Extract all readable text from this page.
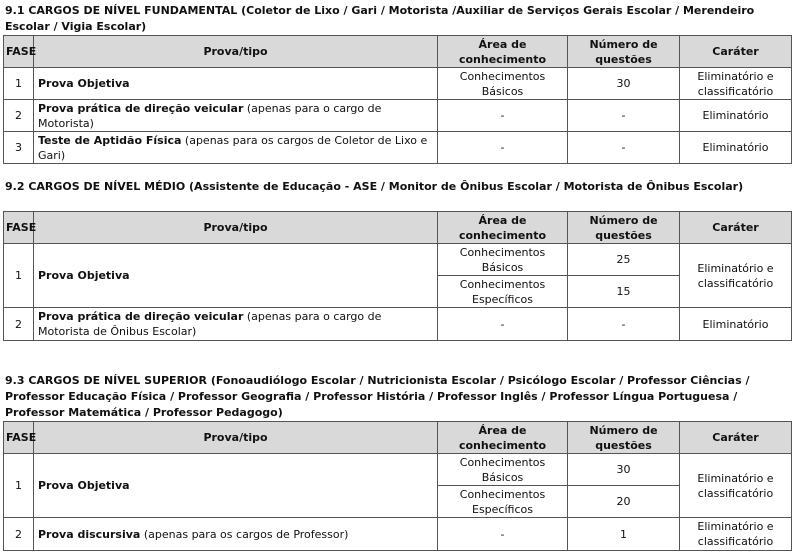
9.1 CARGOS DE NÍVEL FUNDAMENTAL (Coletor de Lixo / Gari / Motorista /Auxiliar de Serviços Gerais Escolar / Merendeiro Escolar / Vigia Escolar)
FASE	Prova/tipo	Área de conhecimento	Número de questões	Caráter
1	Prova Objetiva	Conhecimentos Básicos	30	Eliminatório e classificatório
2	Prova prática de direção veicular (apenas para o cargo de Motorista)	-	-	Eliminatório
3	Teste de Aptidão Física (apenas para os cargos de Coletor de Lixo e Gari)	-	-	Eliminatório
9.2 CARGOS DE NÍVEL MÉDIO (Assistente de Educação - ASE / Monitor de Ônibus Escolar / Motorista de Ônibus Escolar)
FASE	Prova/tipo	Área de conhecimento	Número de questões	Caráter
1	Prova Objetiva	Conhecimentos Básicos	25	Eliminatório e classificatório
		Conhecimentos Específicos	15	
2	Prova prática de direção veicular (apenas para o cargo de Motorista de Ônibus Escolar)	-	-	Eliminatório
9.3 CARGOS DE NÍVEL SUPERIOR (Fonoaudiólogo Escolar / Nutricionista Escolar / Psicólogo Escolar / Professor Ciências / Professor Educação Física / Professor Geografia / Professor História / Professor Inglês / Professor Língua Portuguesa / Professor Matemática / Professor Pedagogo)
FASE	Prova/tipo	Área de conhecimento	Número de questões	Caráter
1	Prova Objetiva	Conhecimentos Básicos	30	Eliminatório e classificatório
		Conhecimentos Específicos	20	
2	Prova discursiva (apenas para os cargos de Professor)	-	1	Eliminatório e classificatório
